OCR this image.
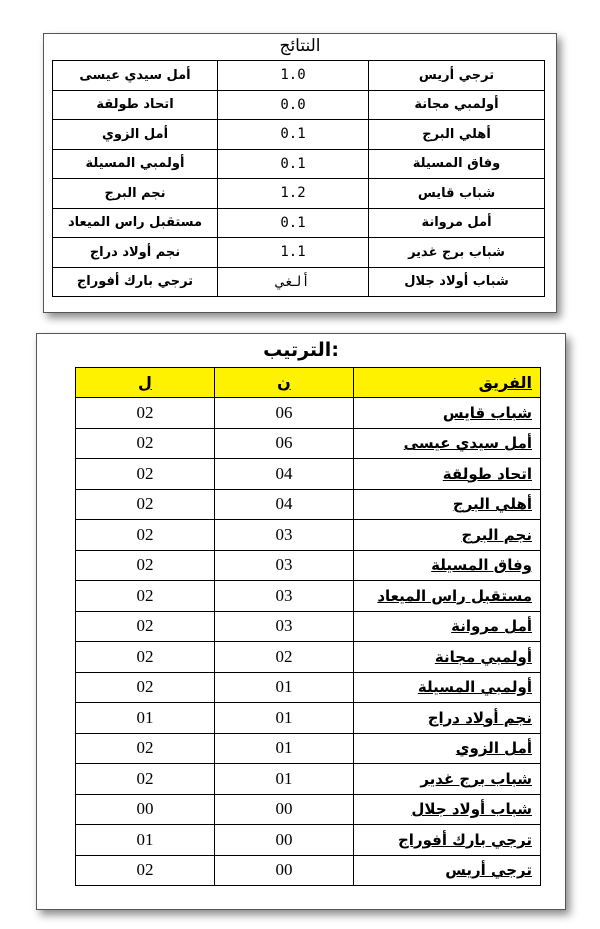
النتائج
ترجي أريس	1.0	أمل سيدي عيسى
أولمبي مجانة	0.0	اتحاد طولقة
أهلي البرج	0.1	أمل الزوي
وفاق المسيلة	0.1	أولمبي المسيلة
شباب قايس	1.2	نجم البرج
أمل مروانة	0.1	مستقبل راس الميعاد
شباب برج غدير	1.1	نجم أولاد دراج
شباب أولاد جلال	ألغي	ترجي بارك أفوراج
الترتيب:
الفريق	ن	ل
شباب قايس	06	02
أمل سيدي عيسى	06	02
اتحاد طولقة	04	02
أهلي البرج	04	02
نجم البرج	03	02
وفاق المسيلة	03	02
مستقبل راس الميعاد	03	02
أمل مروانة	03	02
أولمبي مجانة	02	02
أولمبي المسيلة	01	02
نجم أولاد دراج	01	01
أمل الزوي	01	02
شباب برج غدير	01	02
شباب أولاد جلال	00	00
ترجي بارك أفوراج	00	01
ترجي أريس	00	02
